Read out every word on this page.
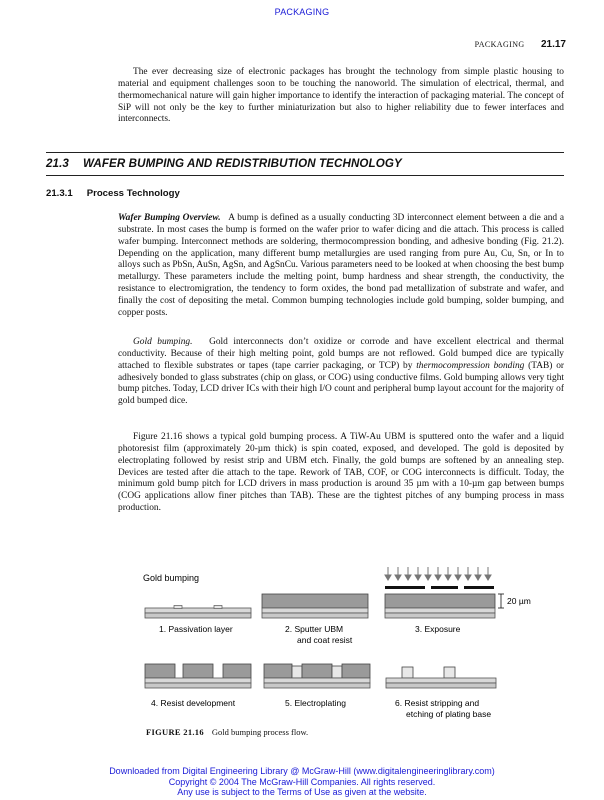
PACKAGING
PACKAGING 21.17

The ever decreasing size of electronic packages has brought the technology from simple plastic housing to material and equipment challenges soon to be touching the nanoworld. The simulation of electrical, thermal, and thermomechanical nature will gain higher importance to identify the interaction of packaging material. The concept of SiP will not only be the key to further miniaturization but also to higher reliability due to fewer interfaces and interconnects.

21.3 WAFER BUMPING AND REDISTRIBUTION TECHNOLOGY
21.3.1 Process Technology

Wafer Bumping Overview. A bump is defined as a usually conducting 3D interconnect element between a die and a substrate. In most cases the bump is formed on the wafer prior to wafer dicing and die attach. This process is called wafer bumping. Interconnect methods are soldering, thermocompression bonding, and adhesive bonding (Fig. 21.2). Depending on the application, many different bump metallurgies are used ranging from pure Au, Cu, Sn, or In to alloys such as PbSn, AuSn, AgSn, and AgSnCu. Various parameters need to be looked at when choosing the best bump metallurgy. These parameters include the melting point, bump hardness and shear strength, the conductivity, the resistance to electromigration, the tendency to form oxides, the bond pad metallization of substrate and wafer, and finally the cost of depositing the metal. Common bumping technologies include gold bumping, solder bumping, and copper posts.

Gold bumping. Gold interconnects don’t oxidize or corrode and have excellent electrical and thermal conductivity. Because of their high melting point, gold bumps are not reflowed. Gold bumped dice are typically attached to flexible substrates or tapes (tape carrier packaging, or TCP) by thermocompression bonding (TAB) or adhesively bonded to glass substrates (chip on glass, or COG) using conductive films. Gold bumping allows very tight bump pitches. Today, LCD driver ICs with their high I/O count and peripheral bump layout account for the majority of gold bumped dice.

Figure 21.16 shows a typical gold bumping process. A TiW-Au UBM is sputtered onto the wafer and a liquid photoresist film (approximately 20-µm thick) is spin coated, exposed, and developed. The gold is deposited by electroplating followed by resist strip and UBM etch. Finally, the gold bumps are softened by an annealing step. Devices are tested after die attach to the tape. Rework of TAB, COF, or COG interconnects is difficult. Today, the minimum gold bump pitch for LCD drivers in mass production is around 35 µm with a 10-µm gap between bumps (COG applications allow finer pitches than TAB). These are the tightest pitches of any bumping process in mass production.

Gold bumping
1. Passivation layer	2. Sputter UBM
and coat resist
20 µm
3. Exposure
4. Resist development	5. Electroplating	6. Resist stripping and
etching of plating base
FIGURE 21.16 Gold bumping process flow.
Downloaded from Digital Engineering Library @ McGraw-Hill (www.digitalengineeringlibrary.com)
Copyright © 2004 The McGraw-Hill Companies. All rights reserved.
Any use is subject to the Terms of Use as given at the website.
